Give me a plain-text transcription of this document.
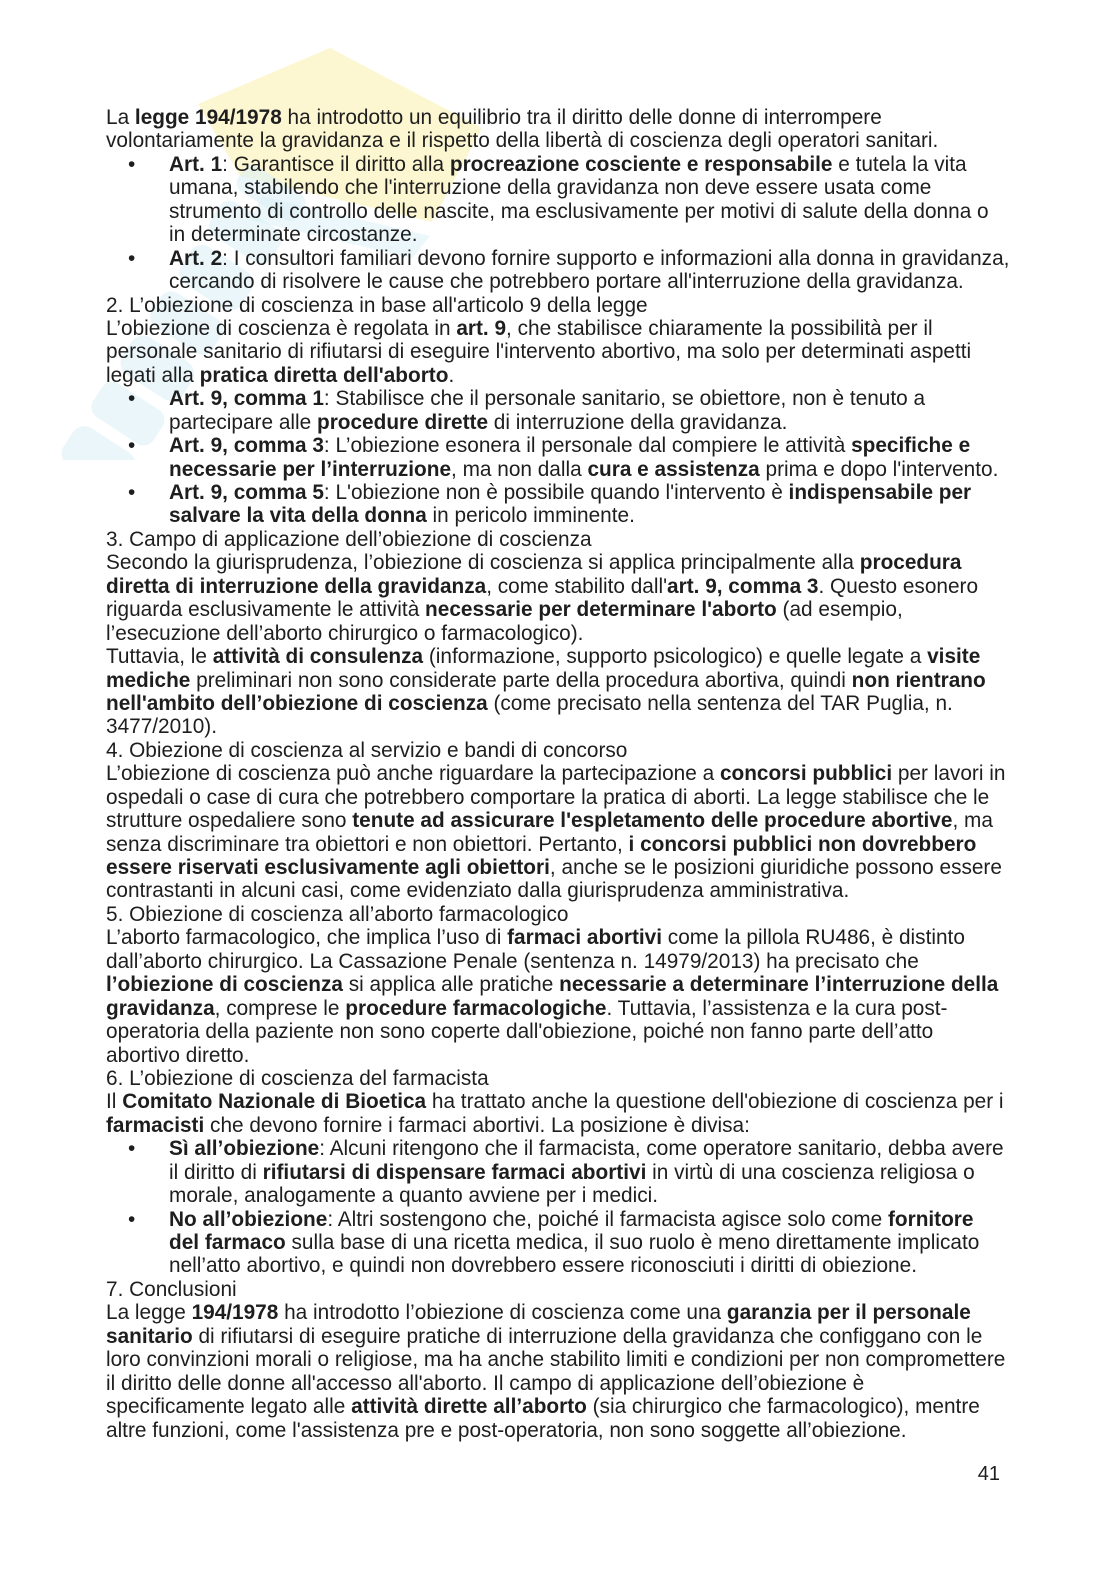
La legge 194/1978 ha introdotto un equilibrio tra il diritto delle donne di interrompere
volontariamente la gravidanza e il rispetto della libertà di coscienza degli operatori sanitari.
• Art. 1: Garantisce il diritto alla procreazione cosciente e responsabile e tutela la vita
umana, stabilendo che l'interruzione della gravidanza non deve essere usata come
strumento di controllo delle nascite, ma esclusivamente per motivi di salute della donna o
in determinate circostanze.
• Art. 2: I consultori familiari devono fornire supporto e informazioni alla donna in gravidanza,
cercando di risolvere le cause che potrebbero portare all'interruzione della gravidanza.
2. L’obiezione di coscienza in base all'articolo 9 della legge
L’obiezione di coscienza è regolata in art. 9, che stabilisce chiaramente la possibilità per il
personale sanitario di rifiutarsi di eseguire l'intervento abortivo, ma solo per determinati aspetti
legati alla pratica diretta dell'aborto.
• Art. 9, comma 1: Stabilisce che il personale sanitario, se obiettore, non è tenuto a
partecipare alle procedure dirette di interruzione della gravidanza.
• Art. 9, comma 3: L’obiezione esonera il personale dal compiere le attività specifiche e
necessarie per l’interruzione, ma non dalla cura e assistenza prima e dopo l'intervento.
• Art. 9, comma 5: L'obiezione non è possibile quando l'intervento è indispensabile per
salvare la vita della donna in pericolo imminente.
3. Campo di applicazione dell’obiezione di coscienza
Secondo la giurisprudenza, l’obiezione di coscienza si applica principalmente alla procedura
diretta di interruzione della gravidanza, come stabilito dall'art. 9, comma 3. Questo esonero
riguarda esclusivamente le attività necessarie per determinare l'aborto (ad esempio,
l’esecuzione dell’aborto chirurgico o farmacologico).
Tuttavia, le attività di consulenza (informazione, supporto psicologico) e quelle legate a visite
mediche preliminari non sono considerate parte della procedura abortiva, quindi non rientrano
nell'ambito dell’obiezione di coscienza (come precisato nella sentenza del TAR Puglia, n.
3477/2010).
4. Obiezione di coscienza al servizio e bandi di concorso
L’obiezione di coscienza può anche riguardare la partecipazione a concorsi pubblici per lavori in
ospedali o case di cura che potrebbero comportare la pratica di aborti. La legge stabilisce che le
strutture ospedaliere sono tenute ad assicurare l'espletamento delle procedure abortive, ma
senza discriminare tra obiettori e non obiettori. Pertanto, i concorsi pubblici non dovrebbero
essere riservati esclusivamente agli obiettori, anche se le posizioni giuridiche possono essere
contrastanti in alcuni casi, come evidenziato dalla giurisprudenza amministrativa.
5. Obiezione di coscienza all’aborto farmacologico
L’aborto farmacologico, che implica l’uso di farmaci abortivi come la pillola RU486, è distinto
dall’aborto chirurgico. La Cassazione Penale (sentenza n. 14979/2013) ha precisato che
l’obiezione di coscienza si applica alle pratiche necessarie a determinare l’interruzione della
gravidanza, comprese le procedure farmacologiche. Tuttavia, l’assistenza e la cura post-
operatoria della paziente non sono coperte dall'obiezione, poiché non fanno parte dell’atto
abortivo diretto.
6. L’obiezione di coscienza del farmacista
Il Comitato Nazionale di Bioetica ha trattato anche la questione dell'obiezione di coscienza per i
farmacisti che devono fornire i farmaci abortivi. La posizione è divisa:
• Sì all’obiezione: Alcuni ritengono che il farmacista, come operatore sanitario, debba avere
il diritto di rifiutarsi di dispensare farmaci abortivi in virtù di una coscienza religiosa o
morale, analogamente a quanto avviene per i medici.
• No all’obiezione: Altri sostengono che, poiché il farmacista agisce solo come fornitore
del farmaco sulla base di una ricetta medica, il suo ruolo è meno direttamente implicato
nell’atto abortivo, e quindi non dovrebbero essere riconosciuti i diritti di obiezione.
7. Conclusioni
La legge 194/1978 ha introdotto l’obiezione di coscienza come una garanzia per il personale
sanitario di rifiutarsi di eseguire pratiche di interruzione della gravidanza che configgano con le
loro convinzioni morali o religiose, ma ha anche stabilito limiti e condizioni per non compromettere
il diritto delle donne all'accesso all'aborto. Il campo di applicazione dell’obiezione è
specificamente legato alle attività dirette all’aborto (sia chirurgico che farmacologico), mentre
altre funzioni, come l'assistenza pre e post-operatoria, non sono soggette all’obiezione.
41
